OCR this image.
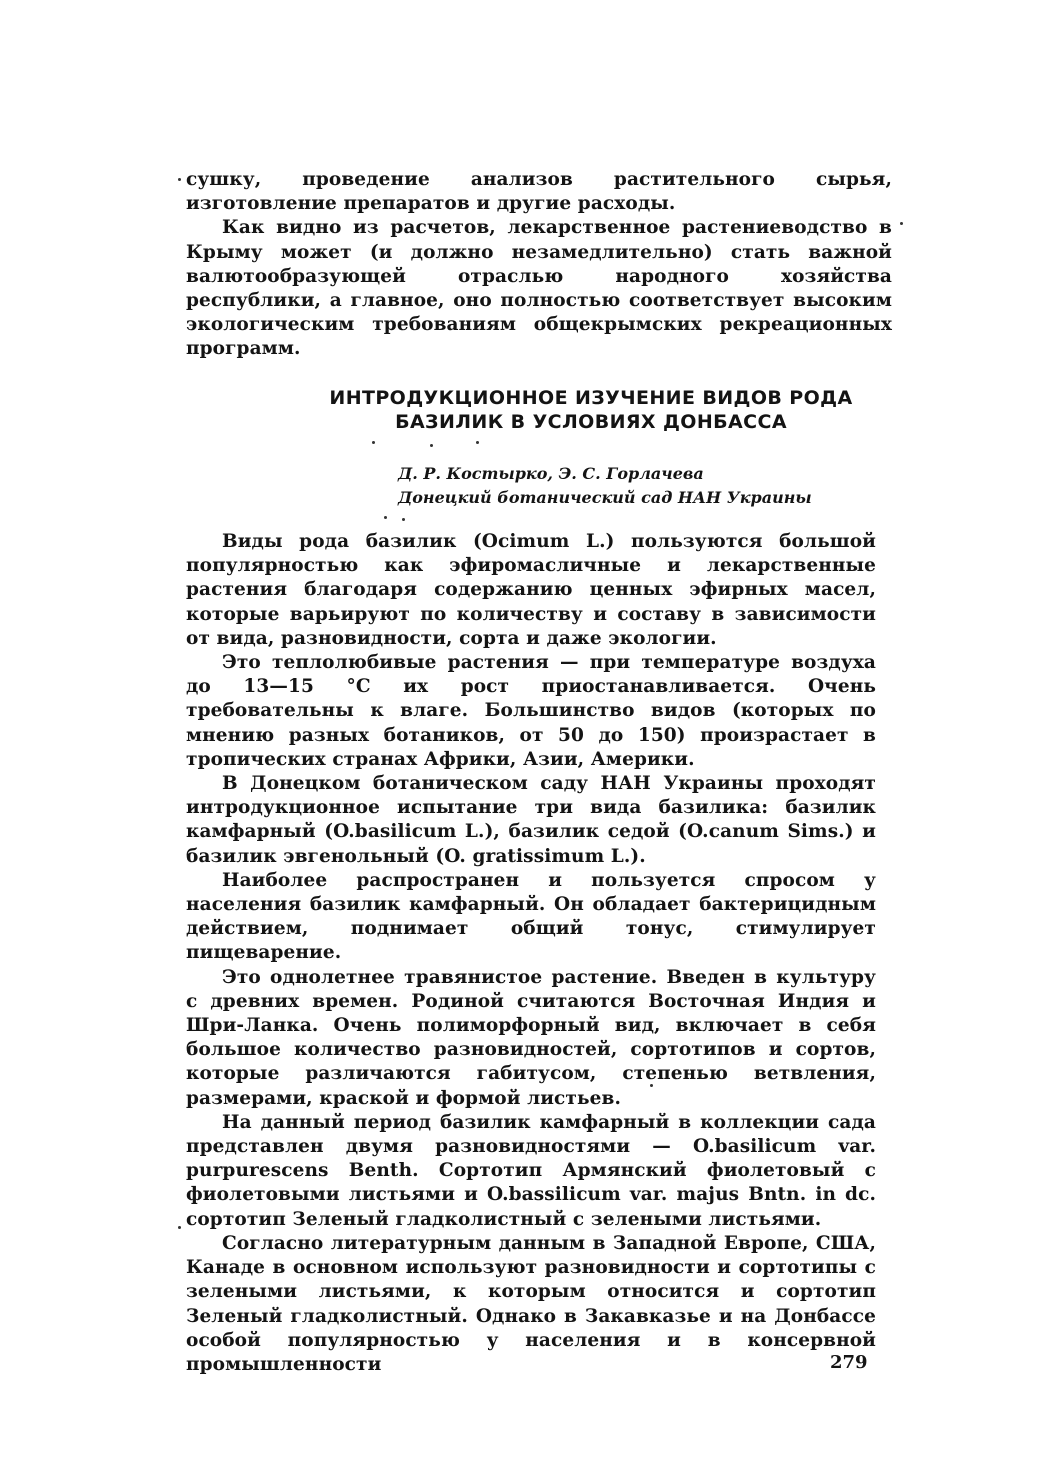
сушку, проведение анализов растительного сырья, изготовление препаратов и другие расходы.

Как видно из расчетов, лекарственное растениеводство в Крыму может (и должно незамедлительно) стать важной валютообразующей отраслью народного хозяйства республики, а главное, оно полностью соответствует высоким экологическим требованиям общекрымских рекреационных программ.

ИНТРОДУКЦИОННОЕ ИЗУЧЕНИЕ ВИДОВ РОДА
БАЗИЛИК В УСЛОВИЯХ ДОНБАССА
Д. Р. Костырко, Э. С. Горлачева
Донецкий ботанический сад НАН Украины

Виды рода базилик (Ocimum L.) пользуются большой популярностью как эфиромасличные и лекарственные растения благодаря содержанию ценных эфирных масел, которые варьируют по количеству и составу в зависимости от вида, разновидности, сорта и даже экологии.

Это теплолюбивые растения — при температуре воздуха до 13—15 °С их рост приостанавливается. Очень требовательны к влаге. Большинство видов (которых по мнению разных ботаников, от 50 до 150) произрастает в тропических странах Африки, Азии, Америки.

В Донецком ботаническом саду НАН Украины проходят интродукционное испытание три вида базилика: базилик камфарный (O.basilicum L.), базилик седой (O.canum Sims.) и базилик эвгенольный (O. gratissimum L.).

Наиболее распространен и пользуется спросом у населения базилик камфарный. Он обладает бактерицидным действием, поднимает общий тонус, стимулирует пищеварение.

Это однолетнее травянистое растение. Введен в культуру с древних времен. Родиной считаются Восточная Индия и Шри-Ланка. Очень полиморфорный вид, включает в себя большое количество разновидностей, сортотипов и сортов, которые различаются габитусом, степенью ветвления, размерами, краской и формой листьев.

На данный период базилик камфарный в коллекции сада представлен двумя разновидностями — O.basilicum var. purpurescens Benth. Сортотип Армянский фиолетовый с фиолетовыми листьями и O.bassilicum var. majus Bntn. in dc. сортотип Зеленый гладколистный с зелеными листьями.

Согласно литературным данным в Западной Европе, США, Канаде в основном используют разновидности и сортотипы с зелеными листьями, к которым относится и сортотип Зеленый гладколистный. Однако в Закавказье и на Донбассе особой популярностью у населения и в консервной промышленности	279
